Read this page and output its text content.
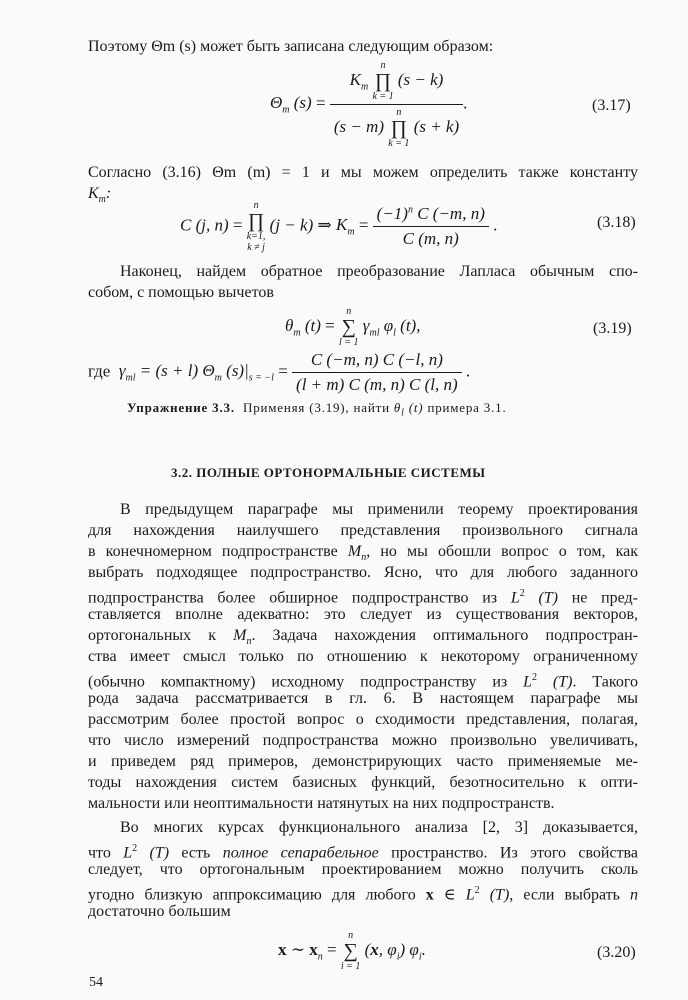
Поэтому Θm (s) может быть записана следующим образом:
$\Theta_m$ $(s) = K_m$
n
∏
k = 1
(s − k)
(s − m)
n
∏
k = 1
(s + k) .	(3.17)
Согласно (3.16) Θm (m) = 1 и мы можем определить также константу
$K_m$:
C (j, n) =
n
∏
k=1,
k ≠ j
(j − k) ⇒ $K_m = \frac{(-1)^n C (-m, n)}{C (m, n)}$ .	(3.18)
Наконец, найдем обратное преобразование Лапласа обычным спо-
собом, с помощью вычетов
$\theta_m$ (t) =
n
∑
l = 1
$\gamma_{ml}$ $\varphi_l$ (t),	(3.19)
где  $\gamma_{ml} = (s + l)$ $\Theta_m$ $(s)|_{s = -l} = \frac{C (-m, n) C (-l, n)}{(l + m) C (m, n) C (l, n)}$ .
Упражнение 3.3.  Применяя (3.19), найти $\theta_l$ (t) примера 3.1.
3.2. ПОЛНЫЕ ОРТОНОРМАЛЬНЫЕ СИСТЕМЫ
В предыдущем параграфе мы применили теорему проектирования
для нахождения наилучшего представления произвольного сигнала
в конечномерном подпространстве $M_n$, но мы обошли вопрос о том, как
выбрать подходящее подпространство. Ясно, что для любого заданного
подпространства более обширное подпространство из $L^2$ (T) не пред-
ставляется вполне адекватно: это следует из существования векторов,
ортогональных к $M_n$. Задача нахождения оптимального подпростран-
ства имеет смысл только по отношению к некоторому ограниченному
(обычно компактному) исходному подпространству из $L^2$ (T). Такого
рода задача рассматривается в гл. 6. В настоящем параграфе мы
рассмотрим более простой вопрос о сходимости представления, полагая,
что число измерений подпространства можно произвольно увеличивать,
и приведем ряд примеров, демонстрирующих часто применяемые ме-
тоды нахождения систем базисных функций, безотносительно к опти-
мальности или неоптимальности натянутых на них подпространств.
Во многих курсах функционального анализа [2, 3] доказывается,
что $L^2$ (T) есть полное сепарабельное пространство. Из этого свойства
следует, что ортогональным проектированием можно получить сколь
угодно близкую аппроксимацию для любого x ∈ $L^2$ (T), если выбрать n
достаточно большим
x ∼ $x_n$ =
n
∑
i = 1
(x, $\varphi_i$) $\varphi_i$.	(3.20)
54
